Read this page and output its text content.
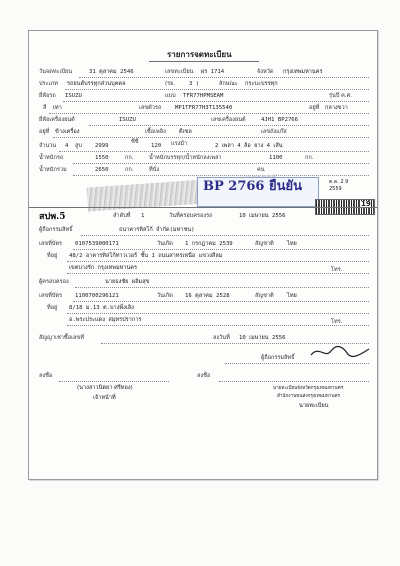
รายการจดทะเบียน
วันจดทะเบียน	31 ตุลาคม 2546	เลขทะเบียน ผร 1714	จังหวัด กรุงเทพมหานคร
ประเภท รถยนต์บรรทุกส่วนบุคคล	(รย. 3 )	ลักษณะ กระบะบรรทุก
ยี่ห้อรถ ISUZU	แบบ TFR77HPMSEAM	รุ่นปี ค.ศ.
สี เทา	เลขตัวรถ MP1TFR77H3T135540	อยู่ที่ กลางขวา
ยี่ห้อเครื่องยนต์	ISUZU	เลขเครื่องยนต์	4JH1 BP2766
อยู่ที่ ข้างเครื่อง	เชื้อเพลิง ดีเซล	เลขถังแก๊ส
จำนวน 4 สูบ 2999
ซีซี
120 แรงม้า	2 เพลา 4 ล้อ ยาง 4 เส้น
น้ำหนักรถ	1550	กก.	น้ำหนักบรรทุก/น้ำหนักลงเพลา	1100	กก.
น้ำหนักรวม	2650	กก.	ที่นั่ง	คน
BP 2766 ยืนยัน	ต.ค. 2 9
2559
19
สปพ.5	ลำดับที่ 1	วันที่ครอบครองรถ	10 เมษายน 2556
ผู้ถือกรรมสิทธิ์	ธนาคารทิสโก้ จำกัด(มหาชน)
เลขที่บัตร 0107539000171	วันเกิด 1 กรกฎาคม 2539	สัญชาติ ไทย
ที่อยู่ 48/2 อาคารทิสโก้ทาวเวอร์ ชั้น 1 ถนนสาทรเหนือ แขวงสีลม
เขตบางรัก กรุงเทพมหานคร	โทร.
ผู้ครอบครอง	นายธงชัย ผลิมสุข
เลขที่บัตร 1100700296121	วันเกิด 16 ตุลาคม 2528	สัญชาติ ไทย
ที่อยู่ 8/18 ม.13 ต.บางพึ่งเลิง
อ.พระประแดง สมุทรปราการ	โทร.
สัญญาเช่าซื้อเลขที่	ลงวันที่ 10 เมษายน 2556
ผู้ถือกรรมสิทธิ์
ลงชื่อ
(นางสาวนิตยา ศรีทอง)
เจ้าหน้าที่
ลงชื่อ
นายทะเบียนจังหวัดกรุงเทพมหานคร
สำนักงานขนส่งกรุงเทพมหานคร
นายทะเบียน
